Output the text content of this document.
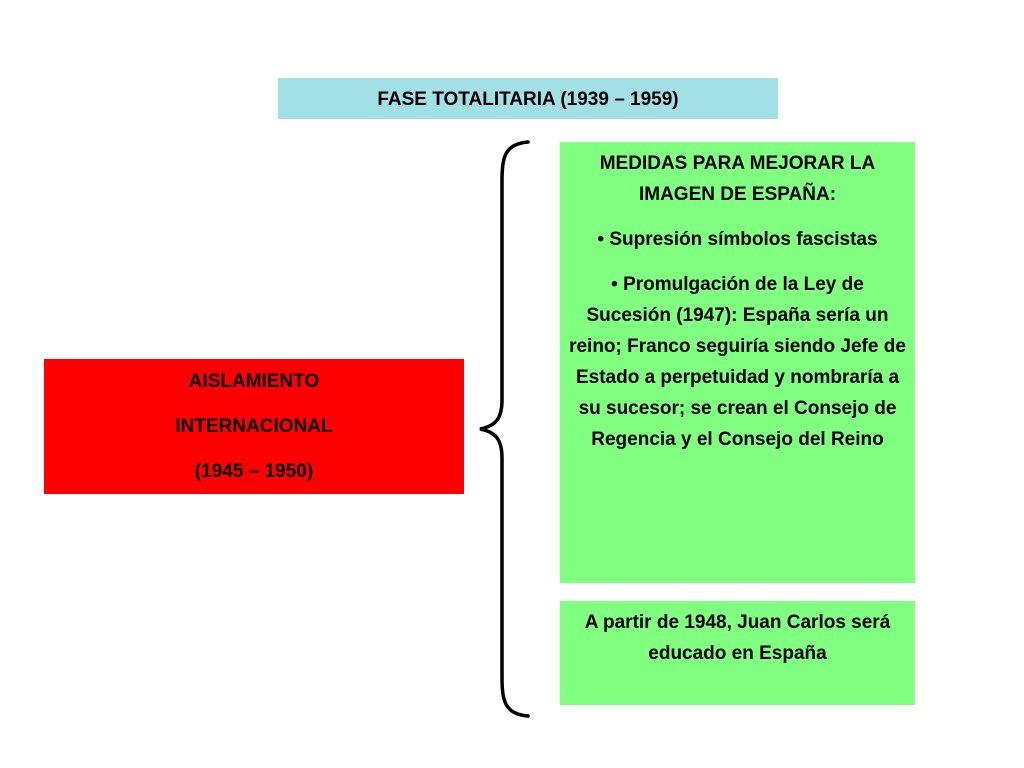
FASE TOTALITARIA (1939 – 1959)

AISLAMIENTO

INTERNACIONAL

(1945 – 1950)

MEDIDAS PARA MEJORAR LA IMAGEN DE ESPAÑA:

• Supresión símbolos fascistas

• Promulgación de la Ley de Sucesión (1947): España sería un reino; Franco seguiría siendo Jefe de Estado a perpetuidad y nombraría a su sucesor; se crean el Consejo de Regencia y el Consejo del Reino

A partir de 1948, Juan Carlos será educado en España
